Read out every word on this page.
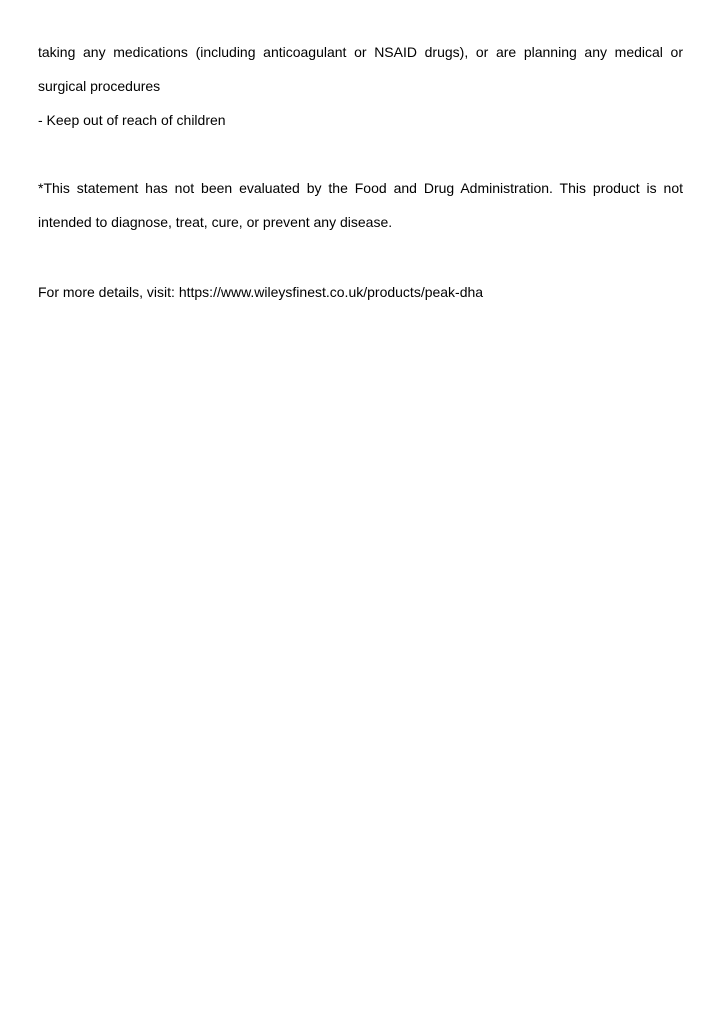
taking any medications (including anticoagulant or NSAID drugs), or are planning any medical or surgical procedures

- Keep out of reach of children

*This statement has not been evaluated by the Food and Drug Administration. This product is not intended to diagnose, treat, cure, or prevent any disease.

For more details, visit: https://www.wileysfinest.co.uk/products/peak-dha
